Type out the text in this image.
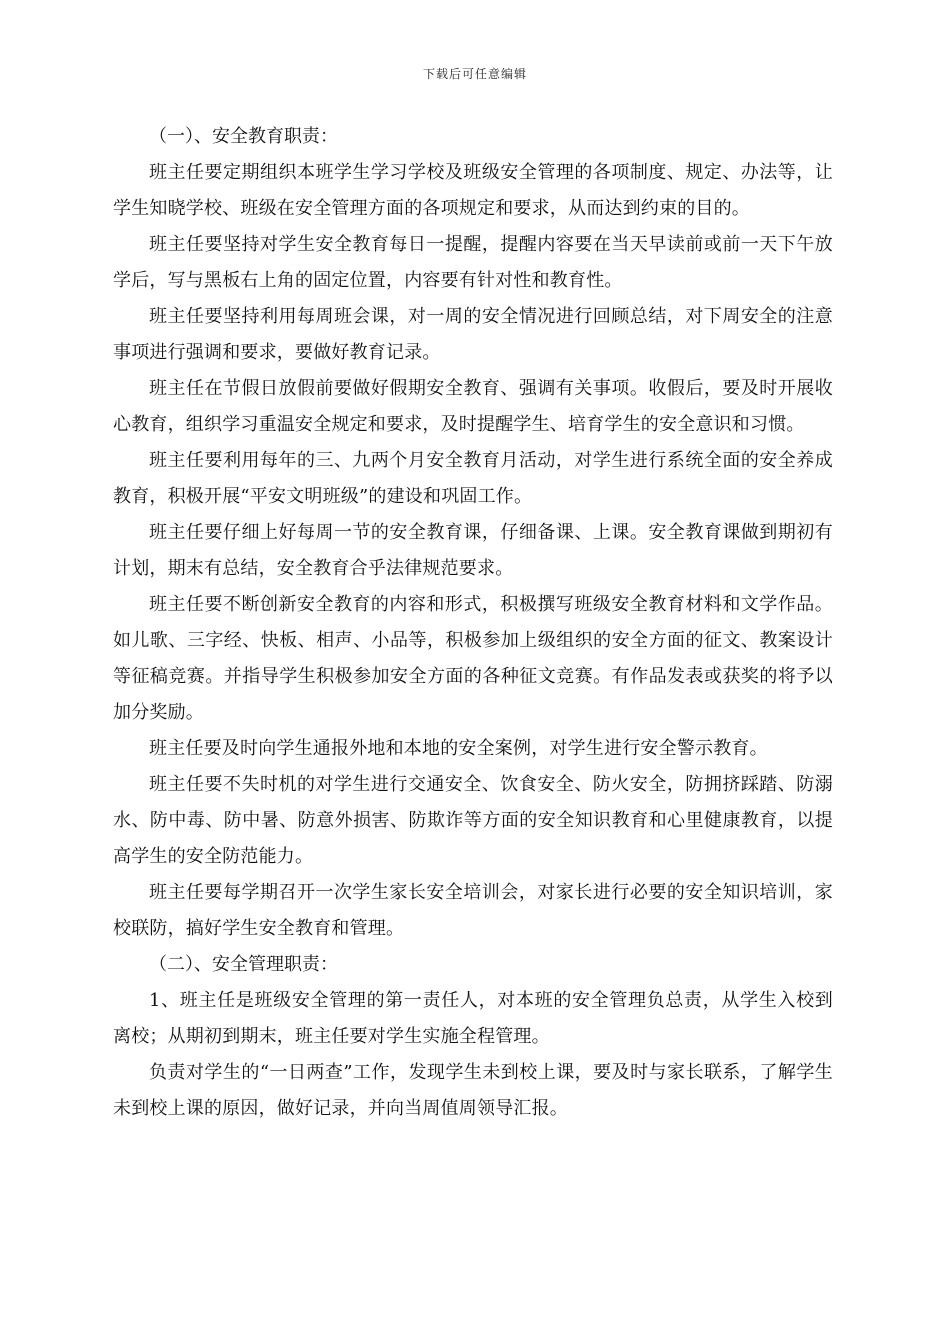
下载后可任意编辑

（一）、安全教育职责：

班主任要定期组织本班学生学习学校及班级安全管理的各项制度、规定、办法等，让学生知晓学校、班级在安全管理方面的各项规定和要求，从而达到约束的目的。

班主任要坚持对学生安全教育每日一提醒，提醒内容要在当天早读前或前一天下午放学后，写与黑板右上角的固定位置，内容要有针对性和教育性。

班主任要坚持利用每周班会课，对一周的安全情况进行回顾总结，对下周安全的注意事项进行强调和要求，要做好教育记录。

班主任在节假日放假前要做好假期安全教育、强调有关事项。收假后，要及时开展收心教育，组织学习重温安全规定和要求，及时提醒学生、培育学生的安全意识和习惯。

班主任要利用每年的三、九两个月安全教育月活动，对学生进行系统全面的安全养成教育，积极开展“平安文明班级”的建设和巩固工作。

班主任要仔细上好每周一节的安全教育课，仔细备课、上课。安全教育课做到期初有计划，期末有总结，安全教育合乎法律规范要求。

班主任要不断创新安全教育的内容和形式，积极撰写班级安全教育材料和文学作品。如儿歌、三字经、快板、相声、小品等，积极参加上级组织的安全方面的征文、教案设计等征稿竞赛。并指导学生积极参加安全方面的各种征文竞赛。有作品发表或获奖的将予以加分奖励。

班主任要及时向学生通报外地和本地的安全案例，对学生进行安全警示教育。

班主任要不失时机的对学生进行交通安全、饮食安全、防火安全，防拥挤踩踏、防溺水、防中毒、防中暑、防意外损害、防欺诈等方面的安全知识教育和心里健康教育，以提高学生的安全防范能力。

班主任要每学期召开一次学生家长安全培训会，对家长进行必要的安全知识培训，家校联防，搞好学生安全教育和管理。

（二）、安全管理职责：

1、班主任是班级安全管理的第一责任人，对本班的安全管理负总责，从学生入校到离校；从期初到期末，班主任要对学生实施全程管理。

负责对学生的“一日两查”工作，发现学生未到校上课，要及时与家长联系，了解学生未到校上课的原因，做好记录，并向当周值周领导汇报。
